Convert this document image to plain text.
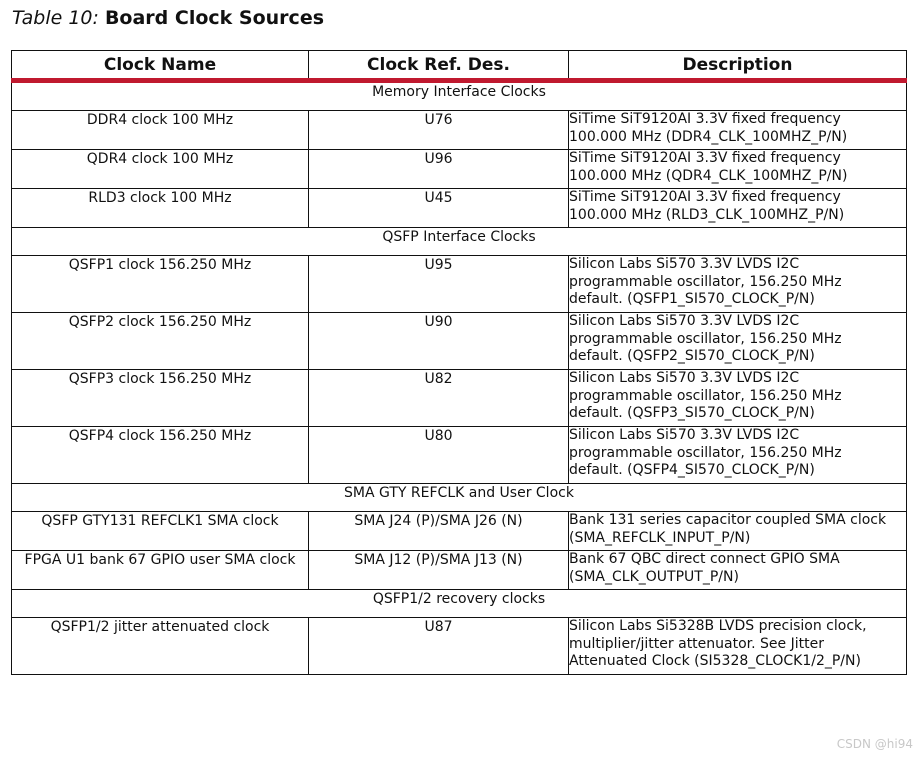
Table 10: Board Clock Sources
Clock Name	Clock Ref. Des.	Description
Memory Interface Clocks		
DDR4 clock 100 MHz	U76	SiTime SiT9120AI 3.3V fixed frequency
100.000 MHz (DDR4_CLK_100MHZ_P/N)
QDR4 clock 100 MHz	U96	SiTime SiT9120AI 3.3V fixed frequency
100.000 MHz (QDR4_CLK_100MHZ_P/N)
RLD3 clock 100 MHz	U45	SiTime SiT9120AI 3.3V fixed frequency
100.000 MHz (RLD3_CLK_100MHZ_P/N)
QSFP Interface Clocks		
QSFP1 clock 156.250 MHz	U95	Silicon Labs Si570 3.3V LVDS I2C
programmable oscillator, 156.250 MHz
default. (QSFP1_SI570_CLOCK_P/N)
QSFP2 clock 156.250 MHz	U90	Silicon Labs Si570 3.3V LVDS I2C
programmable oscillator, 156.250 MHz
default. (QSFP2_SI570_CLOCK_P/N)
QSFP3 clock 156.250 MHz	U82	Silicon Labs Si570 3.3V LVDS I2C
programmable oscillator, 156.250 MHz
default. (QSFP3_SI570_CLOCK_P/N)
QSFP4 clock 156.250 MHz	U80	Silicon Labs Si570 3.3V LVDS I2C
programmable oscillator, 156.250 MHz
default. (QSFP4_SI570_CLOCK_P/N)
SMA GTY REFCLK and User Clock		
QSFP GTY131 REFCLK1 SMA clock	SMA J24 (P)/SMA J26 (N)	Bank 131 series capacitor coupled SMA clock
(SMA_REFCLK_INPUT_P/N)
FPGA U1 bank 67 GPIO user SMA clock	SMA J12 (P)/SMA J13 (N)	Bank 67 QBC direct connect GPIO SMA
(SMA_CLK_OUTPUT_P/N)
QSFP1/2 recovery clocks		
QSFP1/2 jitter attenuated clock	U87	Silicon Labs Si5328B LVDS precision clock,
multiplier/jitter attenuator. See Jitter
Attenuated Clock (SI5328_CLOCK1/2_P/N)
CSDN @hi94
